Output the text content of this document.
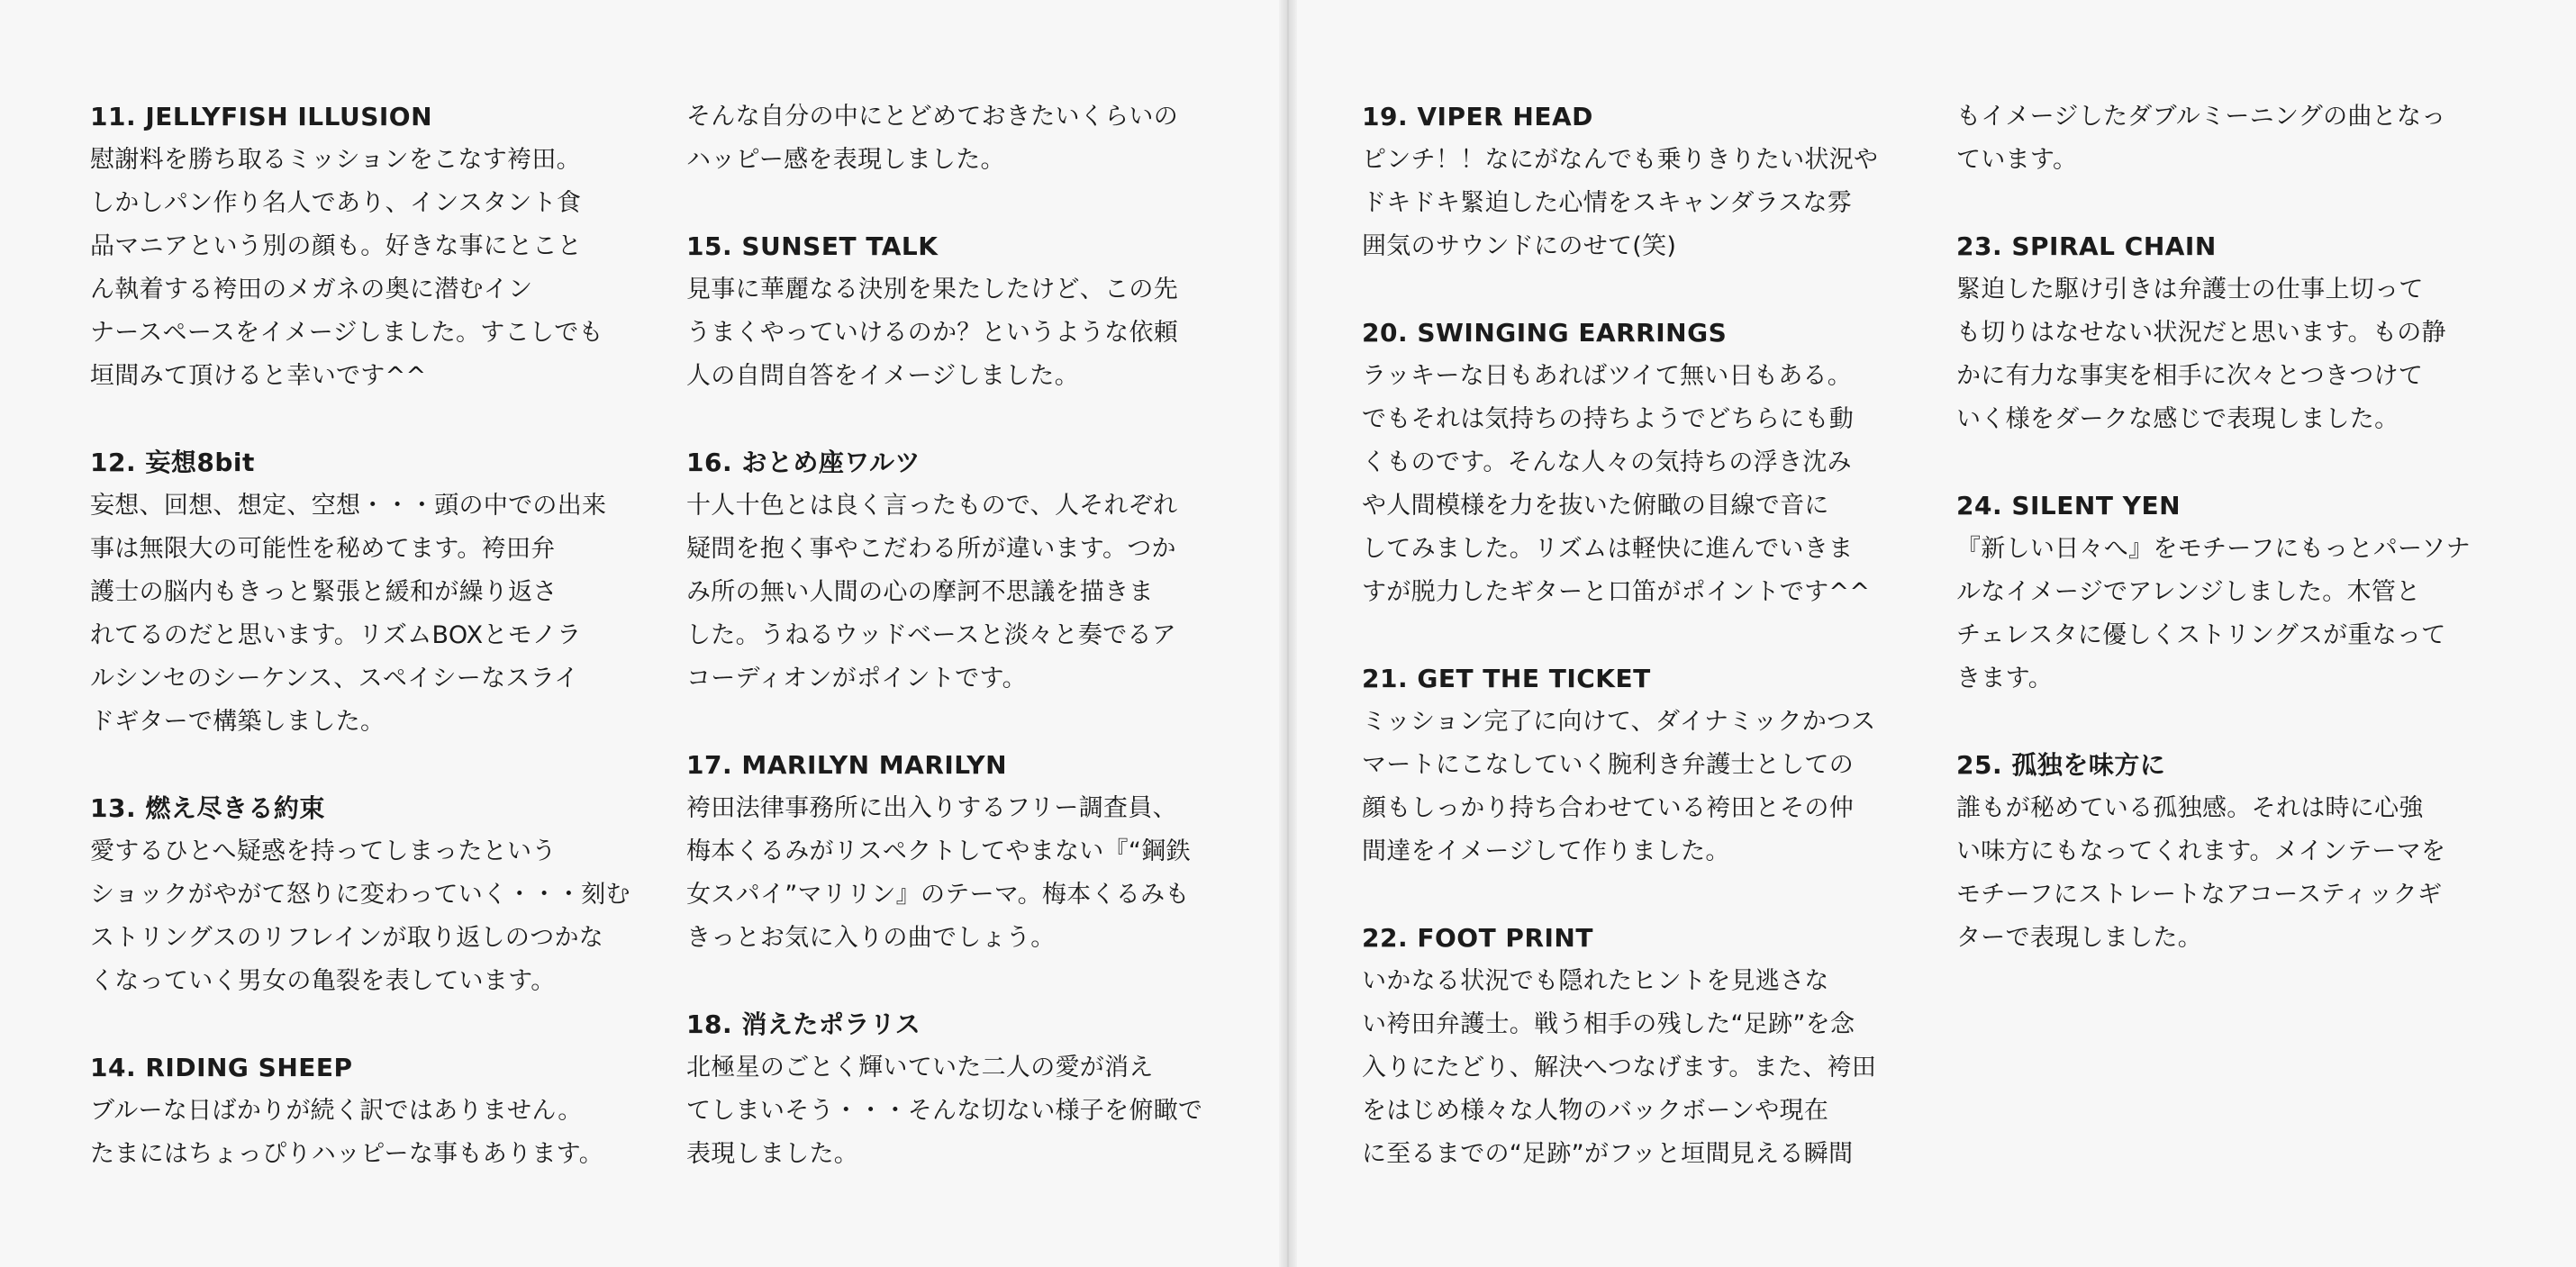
11. JELLYFISH ILLUSION
慰謝料を勝ち取るミッションをこなす袴田。
しかしパン作り名人であり、インスタント食
品マニアという別の顔も。好きな事にとこと
ん執着する袴田のメガネの奥に潜むイン
ナースペースをイメージしました。すこしでも
垣間みて頂けると幸いです^^
12. 妄想8bit
妄想、回想、想定、空想・・・頭の中での出来
事は無限大の可能性を秘めてます。袴田弁
護士の脳内もきっと緊張と緩和が繰り返さ
れてるのだと思います。リズムBOXとモノラ
ルシンセのシーケンス、スペイシーなスライ
ドギターで構築しました。
13. 燃え尽きる約束
愛するひとへ疑惑を持ってしまったという
ショックがやがて怒りに変わっていく・・・刻む
ストリングスのリフレインが取り返しのつかな
くなっていく男女の亀裂を表しています。
14. RIDING SHEEP
ブルーな日ばかりが続く訳ではありません。
たまにはちょっぴりハッピーな事もあります。
そんな自分の中にとどめておきたいくらいの
ハッピー感を表現しました。
15. SUNSET TALK
見事に華麗なる決別を果たしたけど、この先
うまくやっていけるのか？というような依頼
人の自問自答をイメージしました。
16. おとめ座ワルツ
十人十色とは良く言ったもので、人それぞれ
疑問を抱く事やこだわる所が違います。つか
み所の無い人間の心の摩訶不思議を描きま
した。うねるウッドベースと淡々と奏でるア
コーディオンがポイントです。
17. MARILYN MARILYN
袴田法律事務所に出入りするフリー調査員、
梅本くるみがリスペクトしてやまない『“鋼鉄
女スパイ”マリリン』のテーマ。梅本くるみも
きっとお気に入りの曲でしょう。
18. 消えたポラリス
北極星のごとく輝いていた二人の愛が消え
てしまいそう・・・そんな切ない様子を俯瞰で
表現しました。
19. VIPER HEAD
ピンチ！！なにがなんでも乗りきりたい状況や
ドキドキ緊迫した心情をスキャンダラスな雰
囲気のサウンドにのせて(笑)
20. SWINGING EARRINGS
ラッキーな日もあればツイて無い日もある。
でもそれは気持ちの持ちようでどちらにも動
くものです。そんな人々の気持ちの浮き沈み
や人間模様を力を抜いた俯瞰の目線で音に
してみました。リズムは軽快に進んでいきま
すが脱力したギターと口笛がポイントです^^
21. GET THE TICKET
ミッション完了に向けて、ダイナミックかつス
マートにこなしていく腕利き弁護士としての
顔もしっかり持ち合わせている袴田とその仲
間達をイメージして作りました。
22. FOOT PRINT
いかなる状況でも隠れたヒントを見逃さな
い袴田弁護士。戦う相手の残した“足跡”を念
入りにたどり、解決へつなげます。また、袴田
をはじめ様々な人物のバックボーンや現在
に至るまでの“足跡”がフッと垣間見える瞬間
もイメージしたダブルミーニングの曲となっ
ています。
23. SPIRAL CHAIN
緊迫した駆け引きは弁護士の仕事上切って
も切りはなせない状況だと思います。もの静
かに有力な事実を相手に次々とつきつけて
いく様をダークな感じで表現しました。
24. SILENT YEN
『新しい日々へ』をモチーフにもっとパーソナ
ルなイメージでアレンジしました。木管と
チェレスタに優しくストリングスが重なって
きます。
25. 孤独を味方に
誰もが秘めている孤独感。それは時に心強
い味方にもなってくれます。メインテーマを
モチーフにストレートなアコースティックギ
ターで表現しました。
